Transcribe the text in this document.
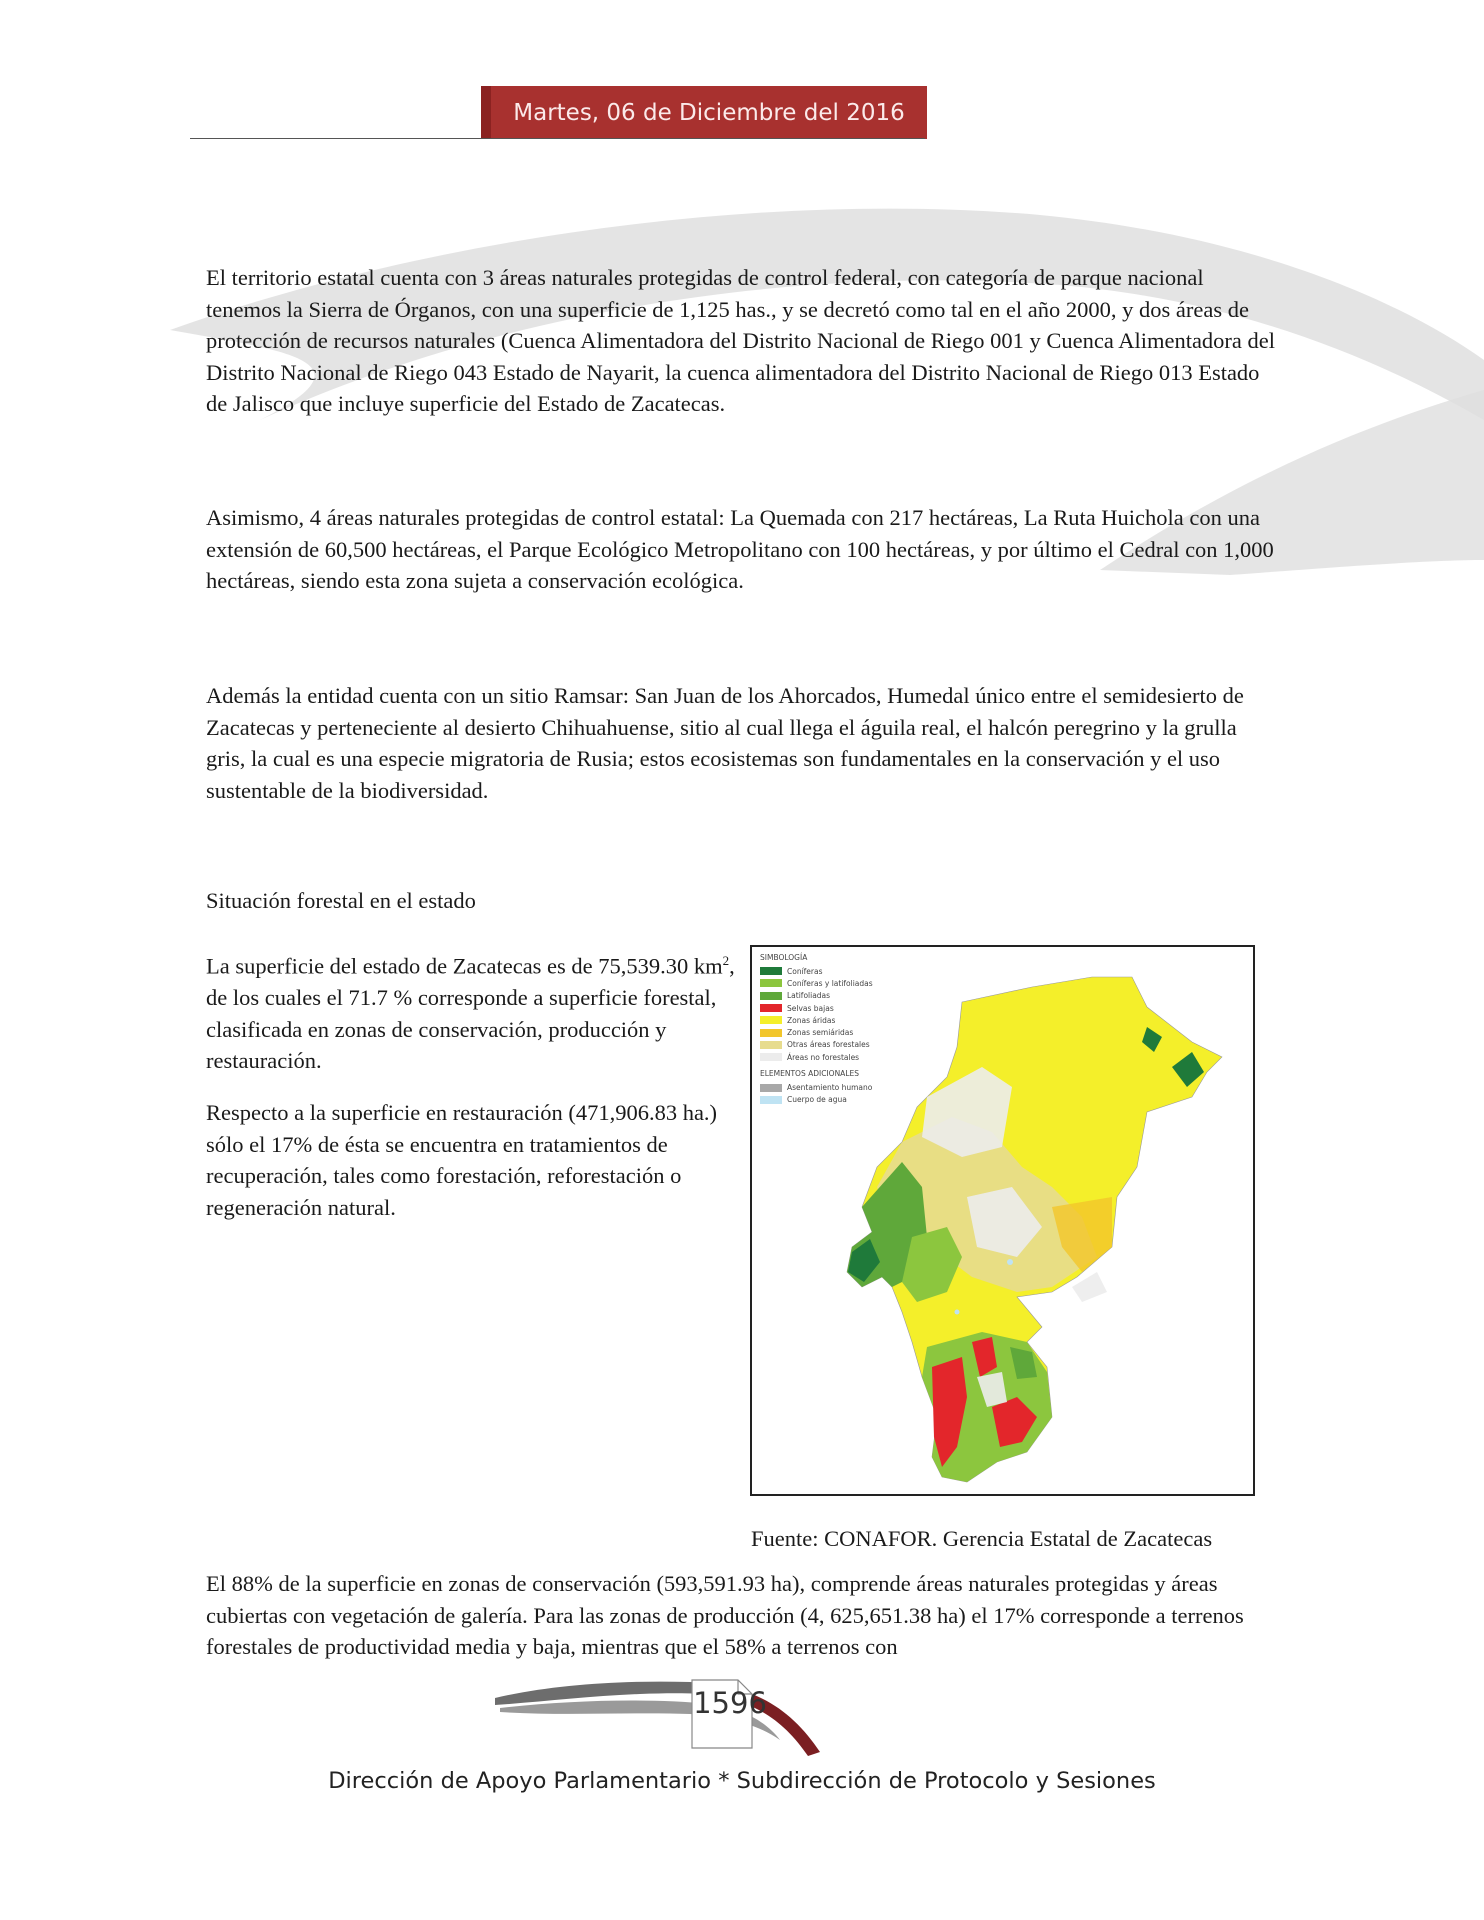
Martes, 06 de Diciembre del 2016

El territorio estatal cuenta con 3 áreas naturales protegidas de control federal, con categoría de parque nacional tenemos la Sierra de Órganos, con una superficie de 1,125 has., y se decretó como tal en el año 2000, y dos áreas de protección de recursos naturales (Cuenca Alimentadora del Distrito Nacional de Riego 001 y Cuenca Alimentadora del Distrito Nacional de Riego 043 Estado de Nayarit, la cuenca alimentadora del Distrito Nacional de Riego 013 Estado de Jalisco que incluye superficie del Estado de Zacatecas.

Asimismo, 4 áreas naturales protegidas de control estatal: La Quemada con 217 hectáreas, La Ruta Huichola con una extensión de 60,500 hectáreas, el Parque Ecológico Metropolitano con 100 hectáreas, y por último el Cedral con 1,000 hectáreas, siendo esta zona sujeta a conservación ecológica.

Además la entidad cuenta con un sitio Ramsar: San Juan de los Ahorcados, Humedal único entre el semidesierto de Zacatecas y perteneciente al desierto Chihuahuense, sitio al cual llega el águila real, el halcón peregrino y la grulla gris, la cual es una especie migratoria de Rusia; estos ecosistemas son fundamentales en la conservación y el uso sustentable de la biodiversidad.

Situación forestal en el estado

La superficie del estado de Zacatecas es de 75,539.30 $km^2$, de los cuales el 71.7 % corresponde a superficie forestal, clasificada en zonas de conservación, producción y restauración.

Respecto a la superficie en restauración (471,906.83 ha.) sólo el 17% de ésta se encuentra en tratamientos de recuperación, tales como forestación, reforestación o regeneración natural.

SIMBOLOGÍA
Coníferas
Coníferas y latifoliadas
Latifoliadas
Selvas bajas
Zonas áridas
Zonas semiáridas
Otras áreas forestales
Áreas no forestales
ELEMENTOS ADICIONALES
Asentamiento humano
Cuerpo de agua

Fuente: CONAFOR. Gerencia Estatal de Zacatecas

El 88% de la superficie en zonas de conservación (593,591.93 ha), comprende áreas naturales protegidas y áreas cubiertas con vegetación de galería. Para las zonas de producción (4, 625,651.38 ha) el 17% corresponde a terrenos forestales de productividad media y baja, mientras que el 58% a terrenos con

1596
Dirección de Apoyo Parlamentario * Subdirección de Protocolo y Sesiones
